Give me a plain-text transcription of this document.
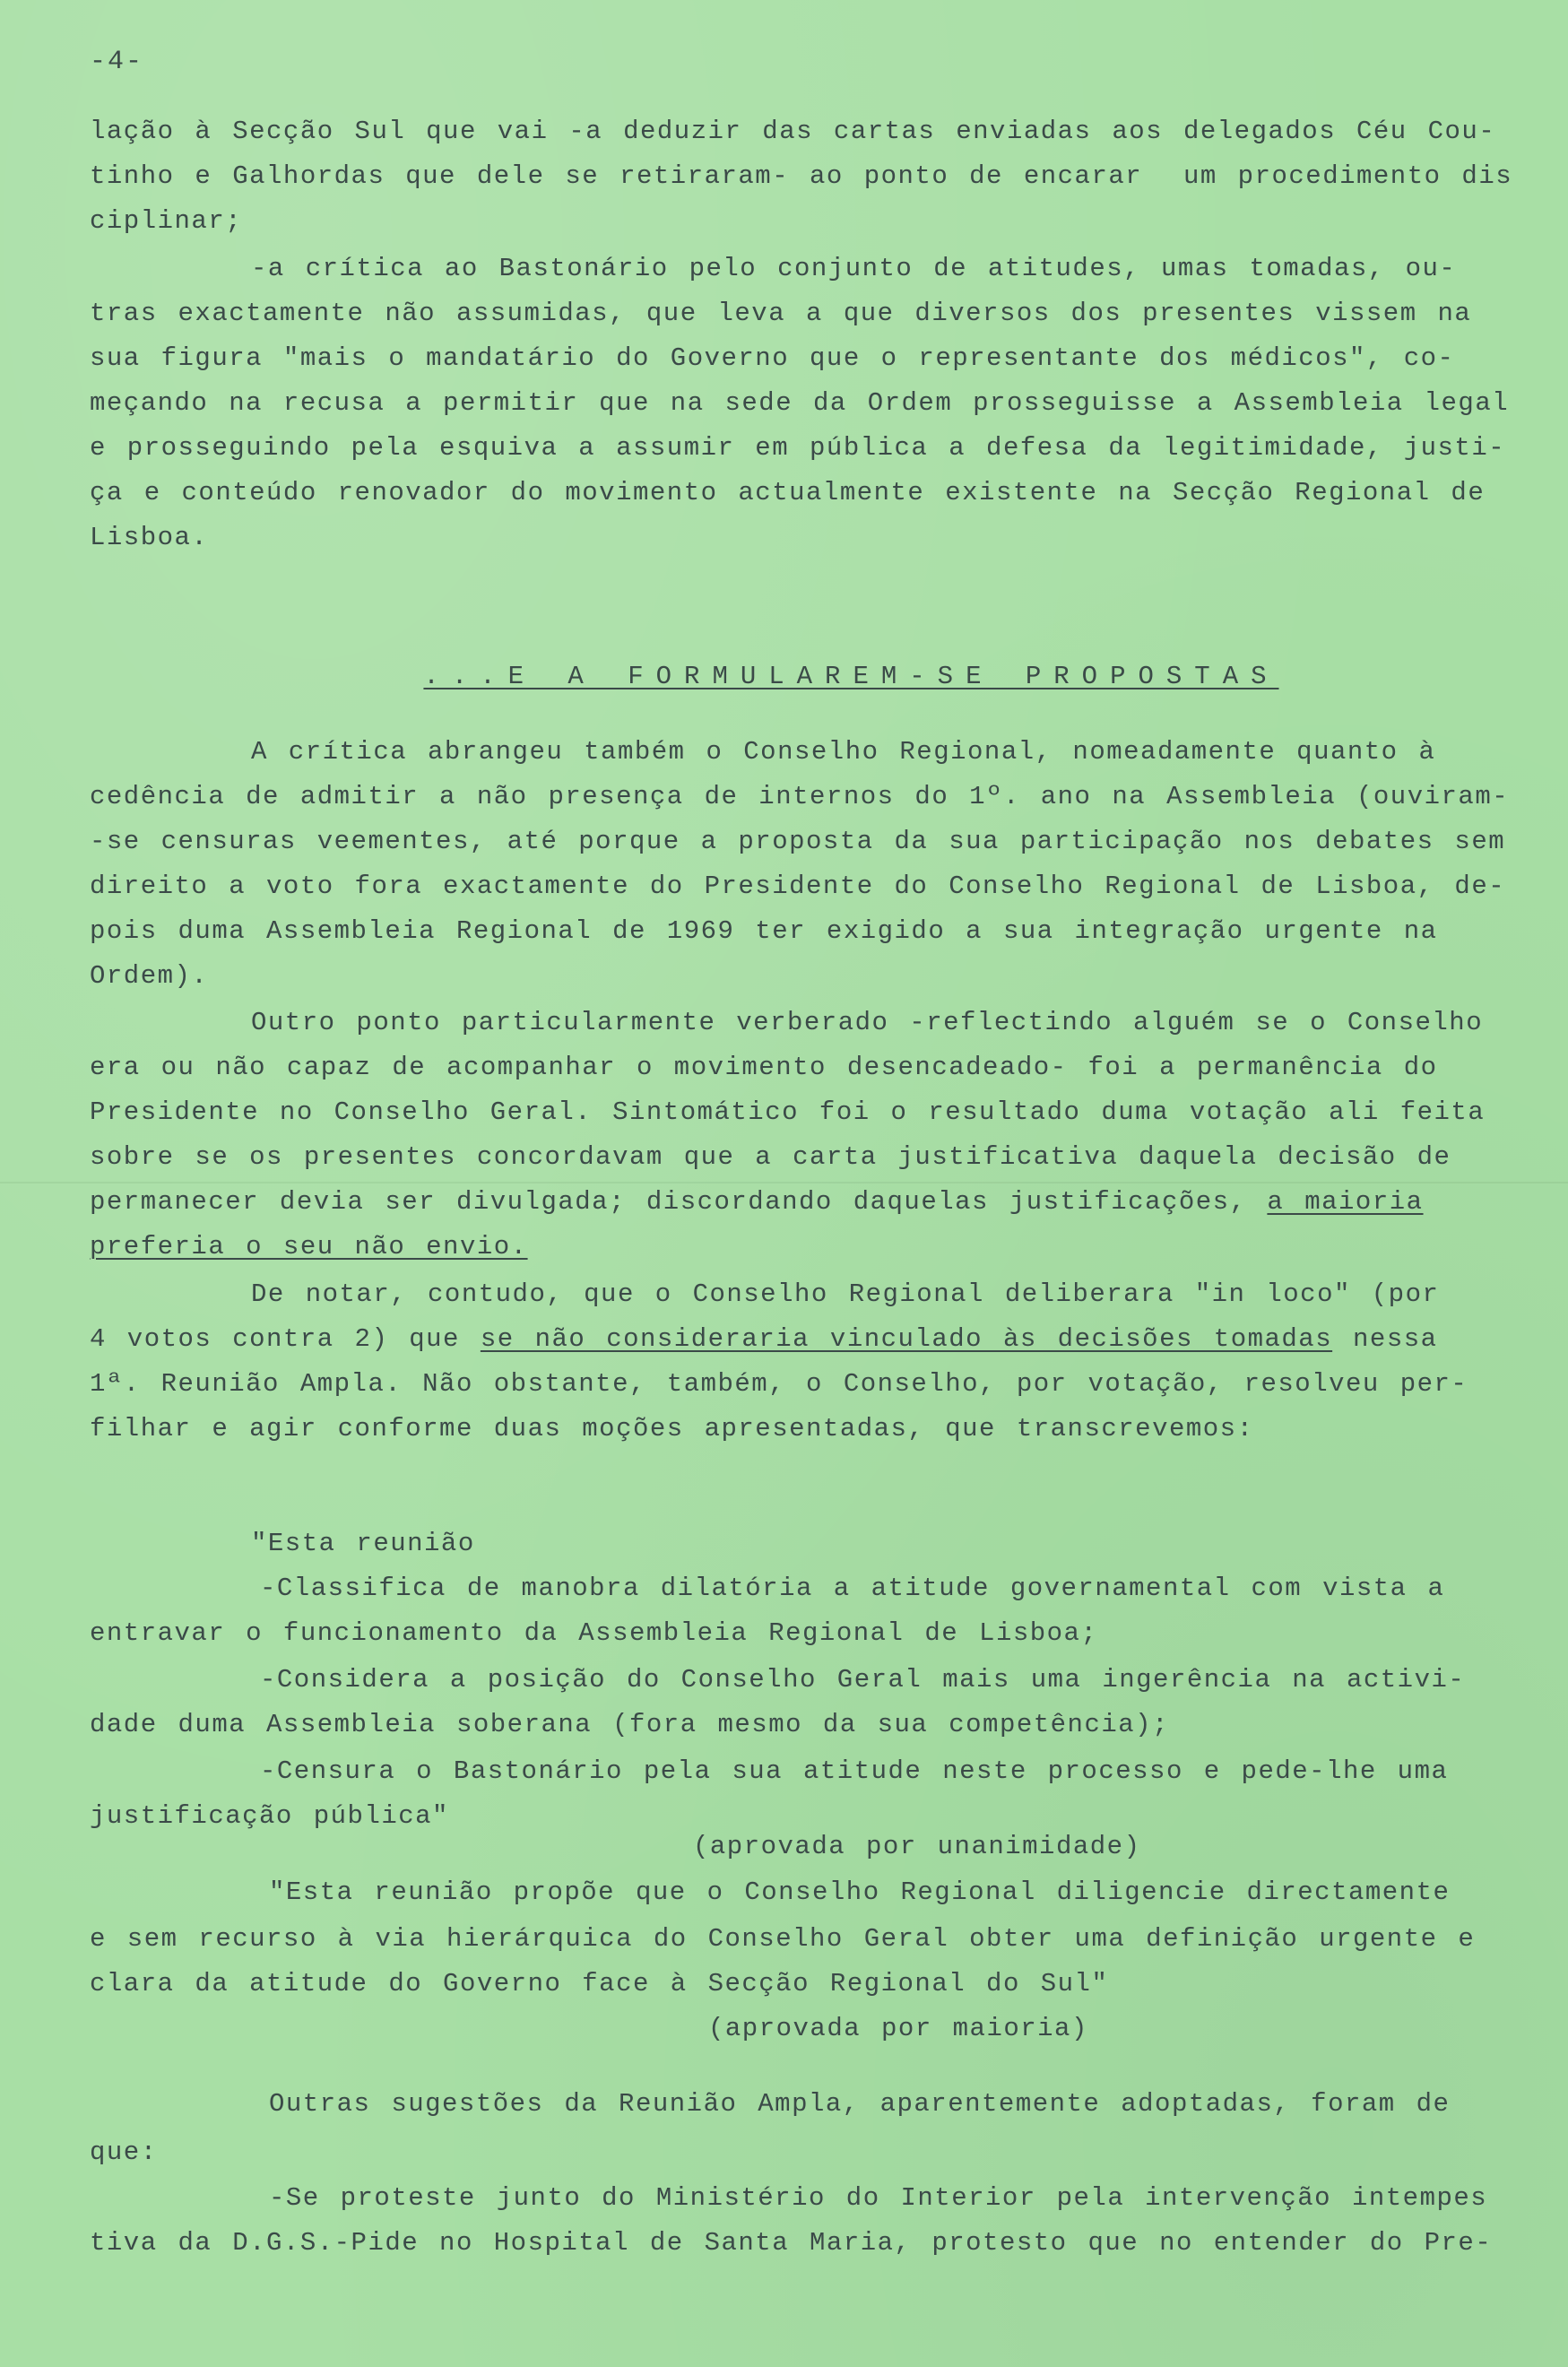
-4-
lação à Secção Sul que vai -a deduzir das cartas enviadas aos delegados Céu Cou-
tinho e Galhordas que dele se retiraram- ao ponto de encarar  um procedimento dis
ciplinar;
-a crítica ao Bastonário pelo conjunto de atitudes, umas tomadas, ou-
tras exactamente não assumidas, que leva a que diversos dos presentes vissem na
sua figura "mais o mandatário do Governo que o representante dos médicos", co-
meçando na recusa a permitir que na sede da Ordem prosseguisse a Assembleia legal
e prosseguindo pela esquiva a assumir em pública a defesa da legitimidade, justi-
ça e conteúdo renovador do movimento actualmente existente na Secção Regional de
Lisboa.

...E A FORMULAREM-SE PROPOSTAS

A crítica abrangeu também o Conselho Regional, nomeadamente quanto à
cedência de admitir a não presença de internos do 1º. ano na Assembleia (ouviram-
-se censuras veementes, até porque a proposta da sua participação nos debates sem
direito a voto fora exactamente do Presidente do Conselho Regional de Lisboa, de-
pois duma Assembleia Regional de 1969 ter exigido a sua integração urgente na
Ordem).
Outro ponto particularmente verberado -reflectindo alguém se o Conselho
era ou não capaz de acompanhar o movimento desencadeado- foi a permanência do
Presidente no Conselho Geral. Sintomático foi o resultado duma votação ali feita
sobre se os presentes concordavam que a carta justificativa daquela decisão de
permanecer devia ser divulgada; discordando daquelas justificações, a maioria
preferia o seu não envio.
De notar, contudo, que o Conselho Regional deliberara "in loco" (por
4 votos contra 2) que se não consideraria vinculado às decisões tomadas nessa
1ª. Reunião Ampla. Não obstante, também, o Conselho, por votação, resolveu per-
filhar e agir conforme duas moções apresentadas, que transcrevemos:
"Esta reunião
-Classifica de manobra dilatória a atitude governamental com vista a
entravar o funcionamento da Assembleia Regional de Lisboa;
-Considera a posição do Conselho Geral mais uma ingerência na activi-
dade duma Assembleia soberana (fora mesmo da sua competência);
-Censura o Bastonário pela sua atitude neste processo e pede-lhe uma
justificação pública"
(aprovada por unanimidade)
"Esta reunião propõe que o Conselho Regional diligencie directamente
e sem recurso à via hierárquica do Conselho Geral obter uma definição urgente e
clara da atitude do Governo face à Secção Regional do Sul"
(aprovada por maioria)
Outras sugestões da Reunião Ampla, aparentemente adoptadas, foram de
que:
-Se proteste junto do Ministério do Interior pela intervenção intempes
tiva da D.G.S.-Pide no Hospital de Santa Maria, protesto que no entender do Pre-
